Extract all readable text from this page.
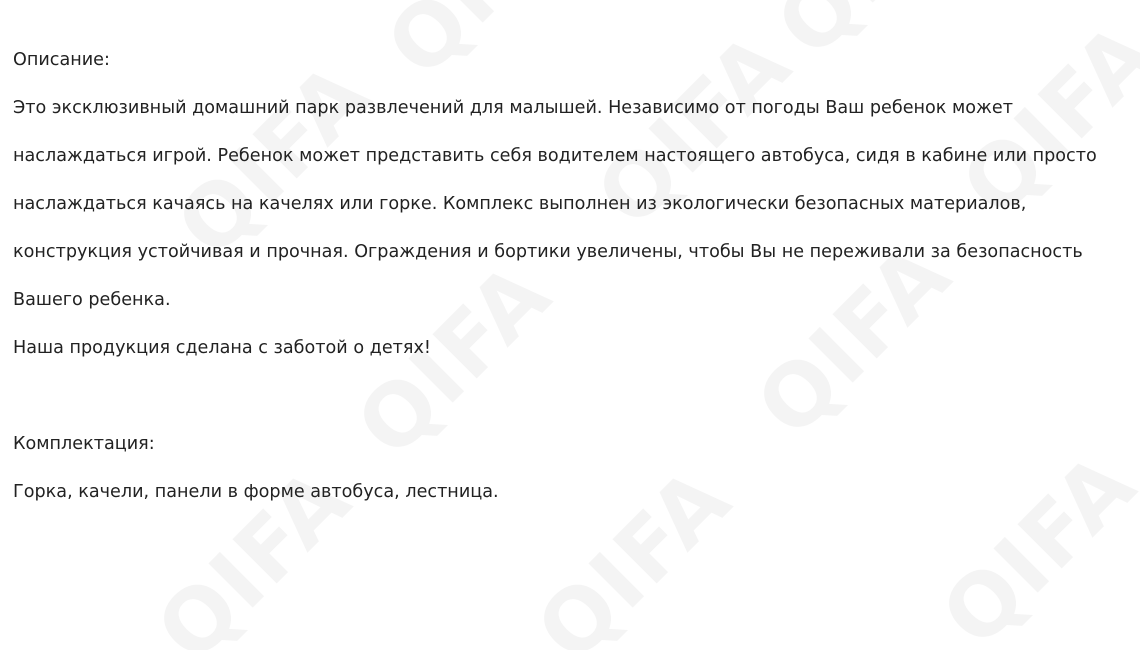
Описание:
Это эксклюзивный домашний парк развлечений для малышей. Независимо от погоды Ваш ребенок может
наслаждаться игрой. Ребенок может представить себя водителем настоящего автобуса, сидя в кабине или просто
наслаждаться качаясь на качелях или горке. Комплекс выполнен из экологически безопасных материалов,
конструкция устойчивая и прочная. Ограждения и бортики увеличены, чтобы Вы не переживали за безопасность
Вашего ребенка.
Наша продукция сделана с заботой о детях!
Комплектация:
Горка, качели, панели в форме автобуса, лестница.
